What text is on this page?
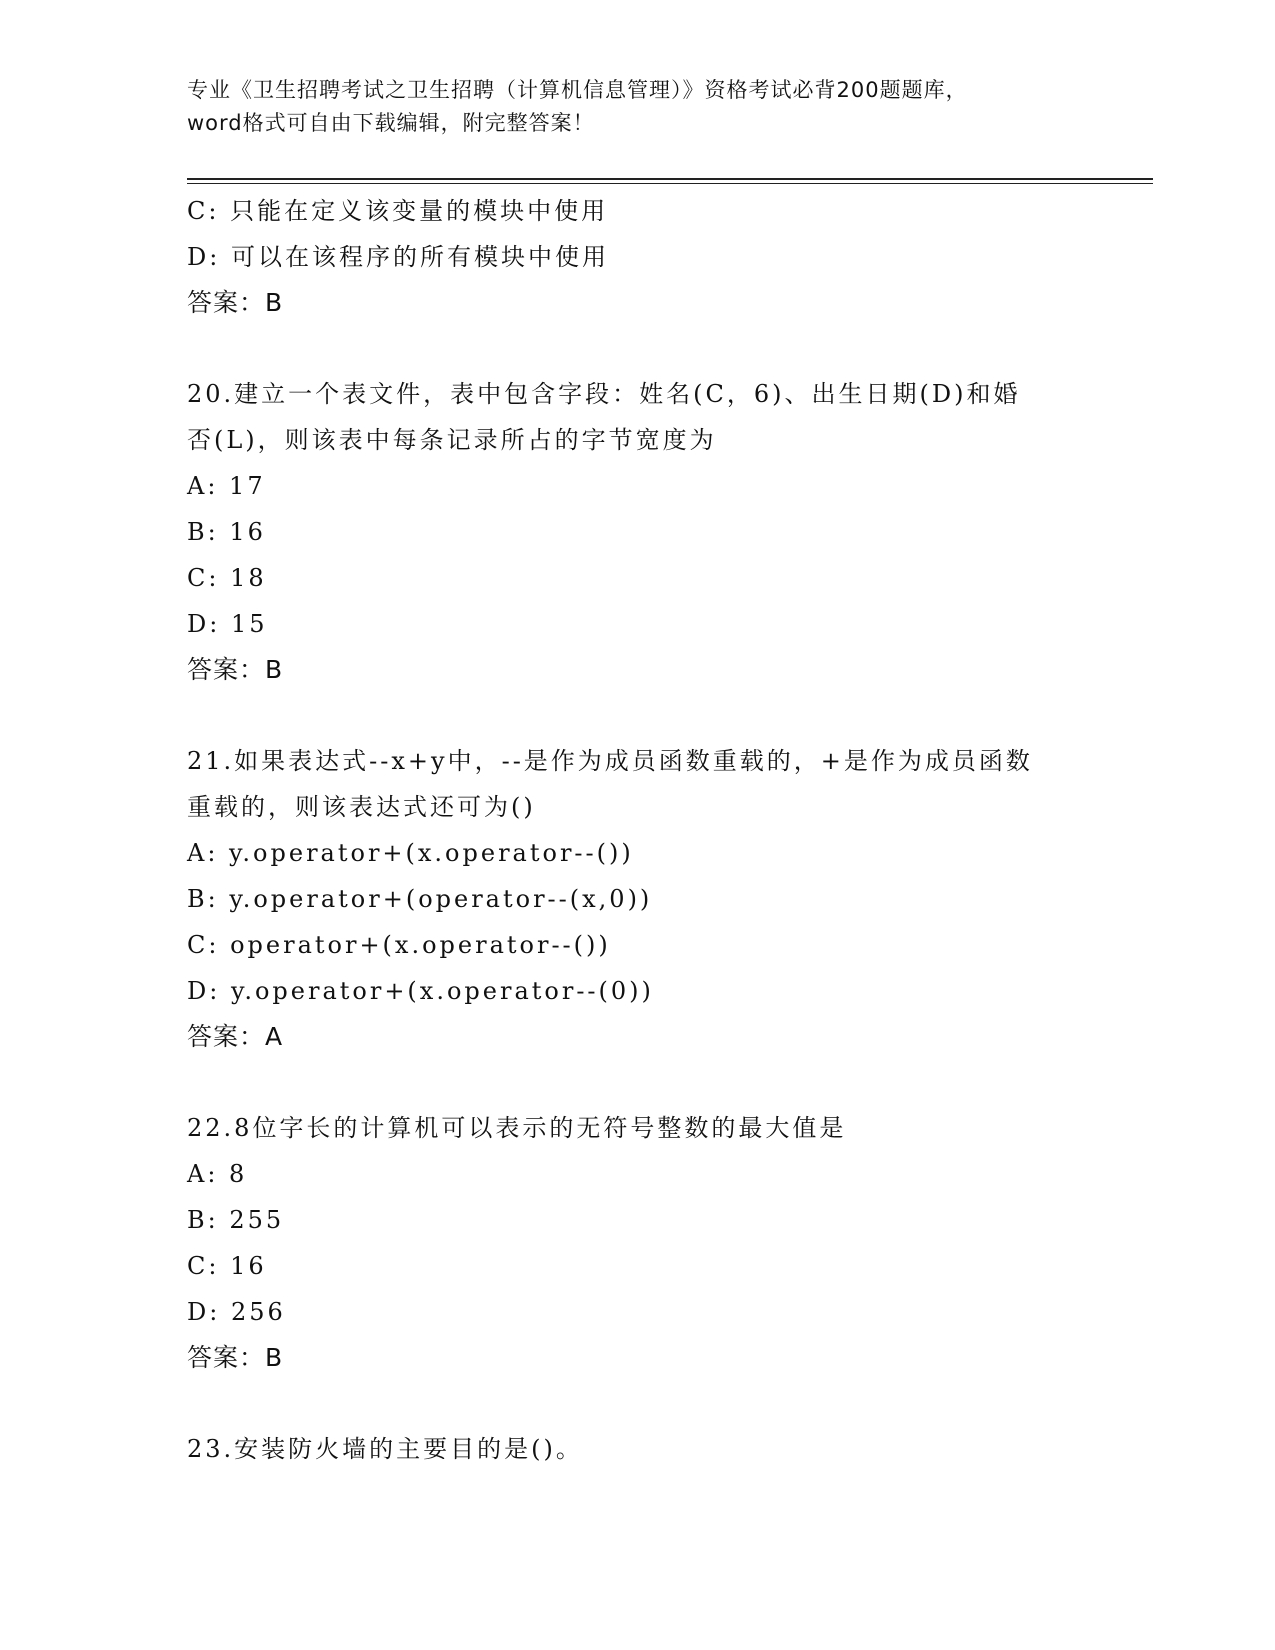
专业《卫生招聘考试之卫生招聘（计算机信息管理）》资格考试必背200题题库，
word格式可自由下载编辑，附完整答案！
C: 只能在定义该变量的模块中使用
D: 可以在该程序的所有模块中使用
答案：B
20.建立一个表文件，表中包含字段：姓名(C，6)、出生日期(D)和婚
否(L)，则该表中每条记录所占的字节宽度为
A: 17
B: 16
C: 18
D: 15
答案：B
21.如果表达式--x+y中，--是作为成员函数重载的，+是作为成员函数
重载的，则该表达式还可为()
A: y.operator+(x.operator--())
B: y.operator+(operator--(x,0))
C: operator+(x.operator--())
D: y.operator+(x.operator--(0))
答案：A
22.8位字长的计算机可以表示的无符号整数的最大值是
A: 8
B: 255
C: 16
D: 256
答案：B
23.安装防火墙的主要目的是()。
